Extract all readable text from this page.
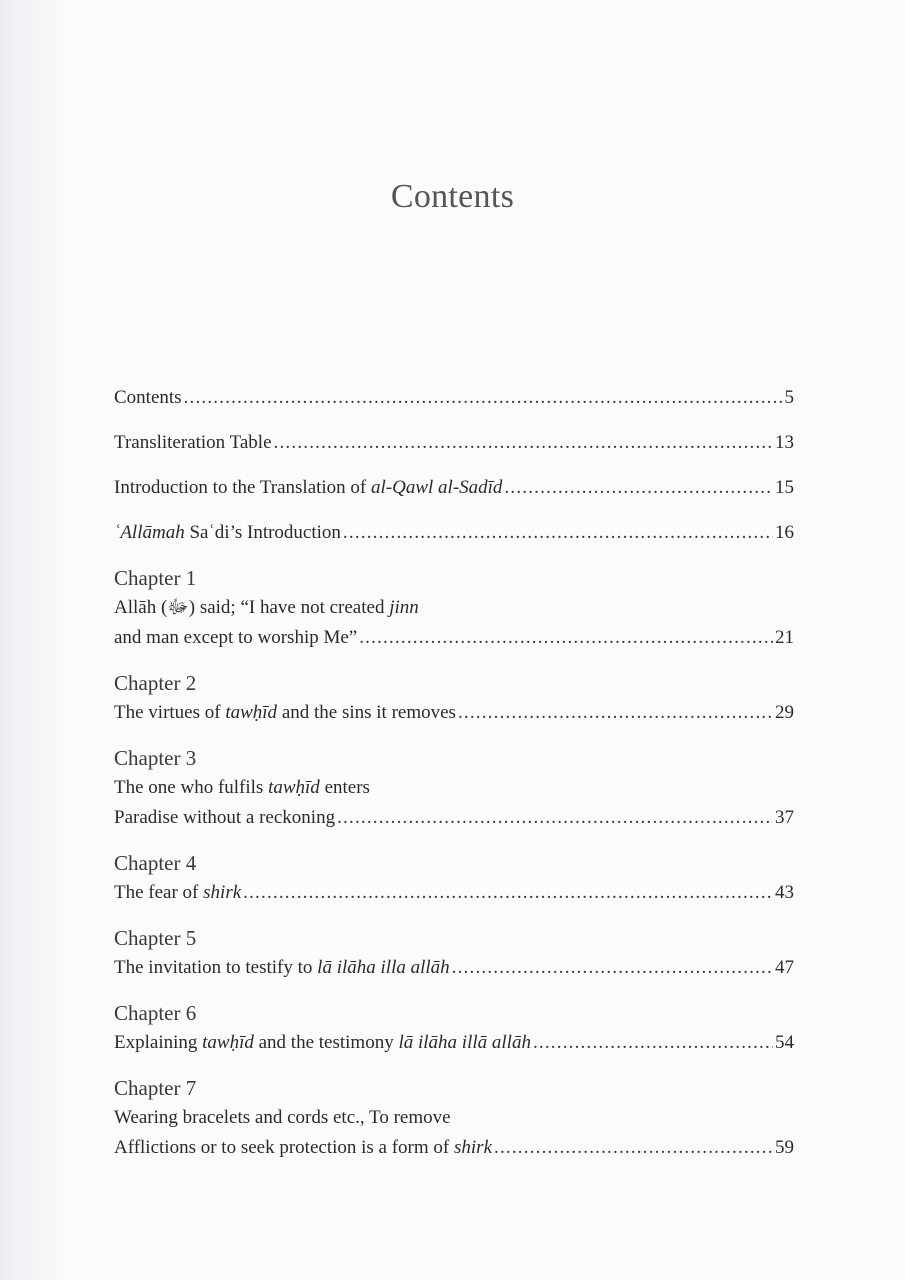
Contents
Contents .....	5
Transliteration Table .....	13
Introduction to the Translation of al-Qawl al-Sadīd .....	15
ʿAllāmah Saʿdi’s Introduction .....	16
Chapter 1
Allāh (ﷻ) said; “I have not created jinn
and man except to worship Me” .....	21
Chapter 2
The virtues of tawḥīd and the sins it removes .....	29
Chapter 3
The one who fulfils tawḥīd enters
Paradise without a reckoning .....	37
Chapter 4
The fear of shirk .....	43
Chapter 5
The invitation to testify to lā ilāha illa allāh .....	47
Chapter 6
Explaining tawḥīd and the testimony lā ilāha illā allāh .....	54
Chapter 7
Wearing bracelets and cords etc., To remove
Afflictions or to seek protection is a form of shirk .....	59
